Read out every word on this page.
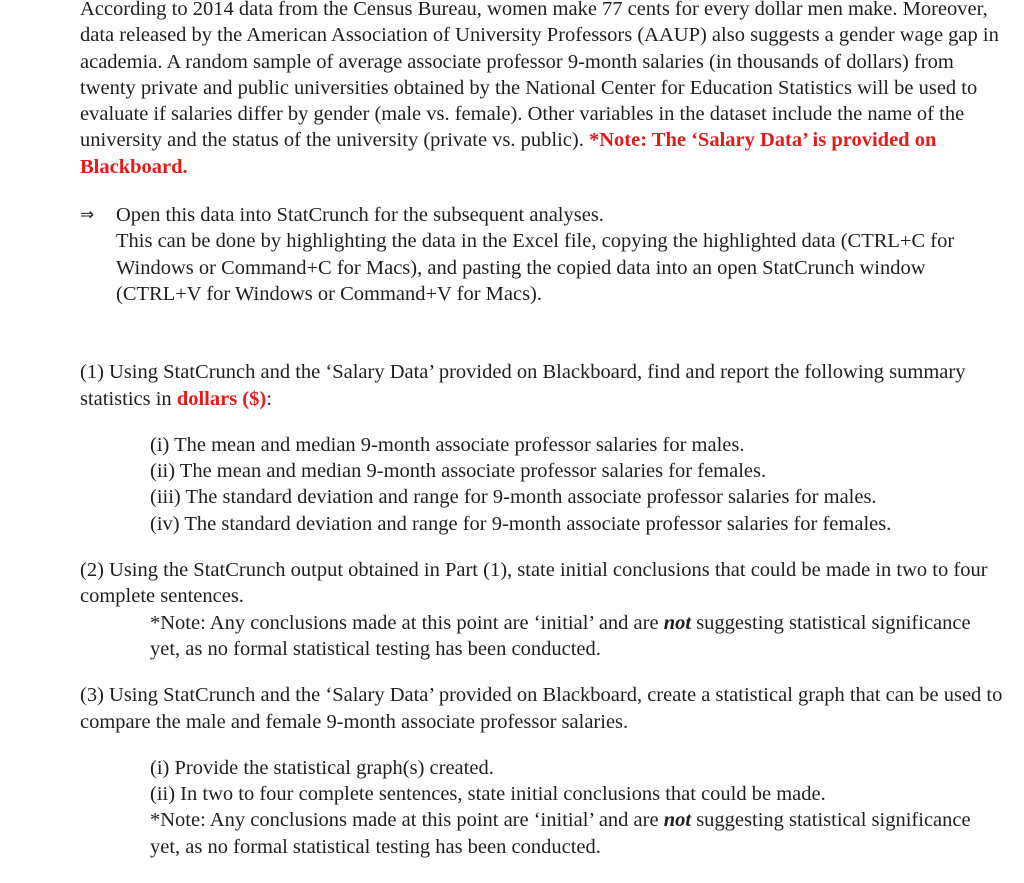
According to 2014 data from the Census Bureau, women make 77 cents for every dollar men make. Moreover, data released by the American Association of University Professors (AAUP) also suggests a gender wage gap in academia. A random sample of average associate professor 9-month salaries (in thousands of dollars) from twenty private and public universities obtained by the National Center for Education Statistics will be used to evaluate if salaries differ by gender (male vs. female). Other variables in the dataset include the name of the university and the status of the university (private vs. public). *Note: The ‘Salary Data’ is provided on Blackboard.

⇒ Open this data into StatCrunch for the subsequent analyses.

This can be done by highlighting the data in the Excel file, copying the highlighted data (CTRL+C for Windows or Command+C for Macs), and pasting the copied data into an open StatCrunch window (CTRL+V for Windows or Command+V for Macs).

(1) Using StatCrunch and the ‘Salary Data’ provided on Blackboard, find and report the following summary statistics in dollars ($):

(i) The mean and median 9-month associate professor salaries for males.

(ii) The mean and median 9-month associate professor salaries for females.

(iii) The standard deviation and range for 9-month associate professor salaries for males.

(iv) The standard deviation and range for 9-month associate professor salaries for females.

(2) Using the StatCrunch output obtained in Part (1), state initial conclusions that could be made in two to four complete sentences.

*Note: Any conclusions made at this point are ‘initial’ and are not suggesting statistical significance yet, as no formal statistical testing has been conducted.

(3) Using StatCrunch and the ‘Salary Data’ provided on Blackboard, create a statistical graph that can be used to compare the male and female 9-month associate professor salaries.

(i) Provide the statistical graph(s) created.

(ii) In two to four complete sentences, state initial conclusions that could be made.

*Note: Any conclusions made at this point are ‘initial’ and are not suggesting statistical significance yet, as no formal statistical testing has been conducted.
